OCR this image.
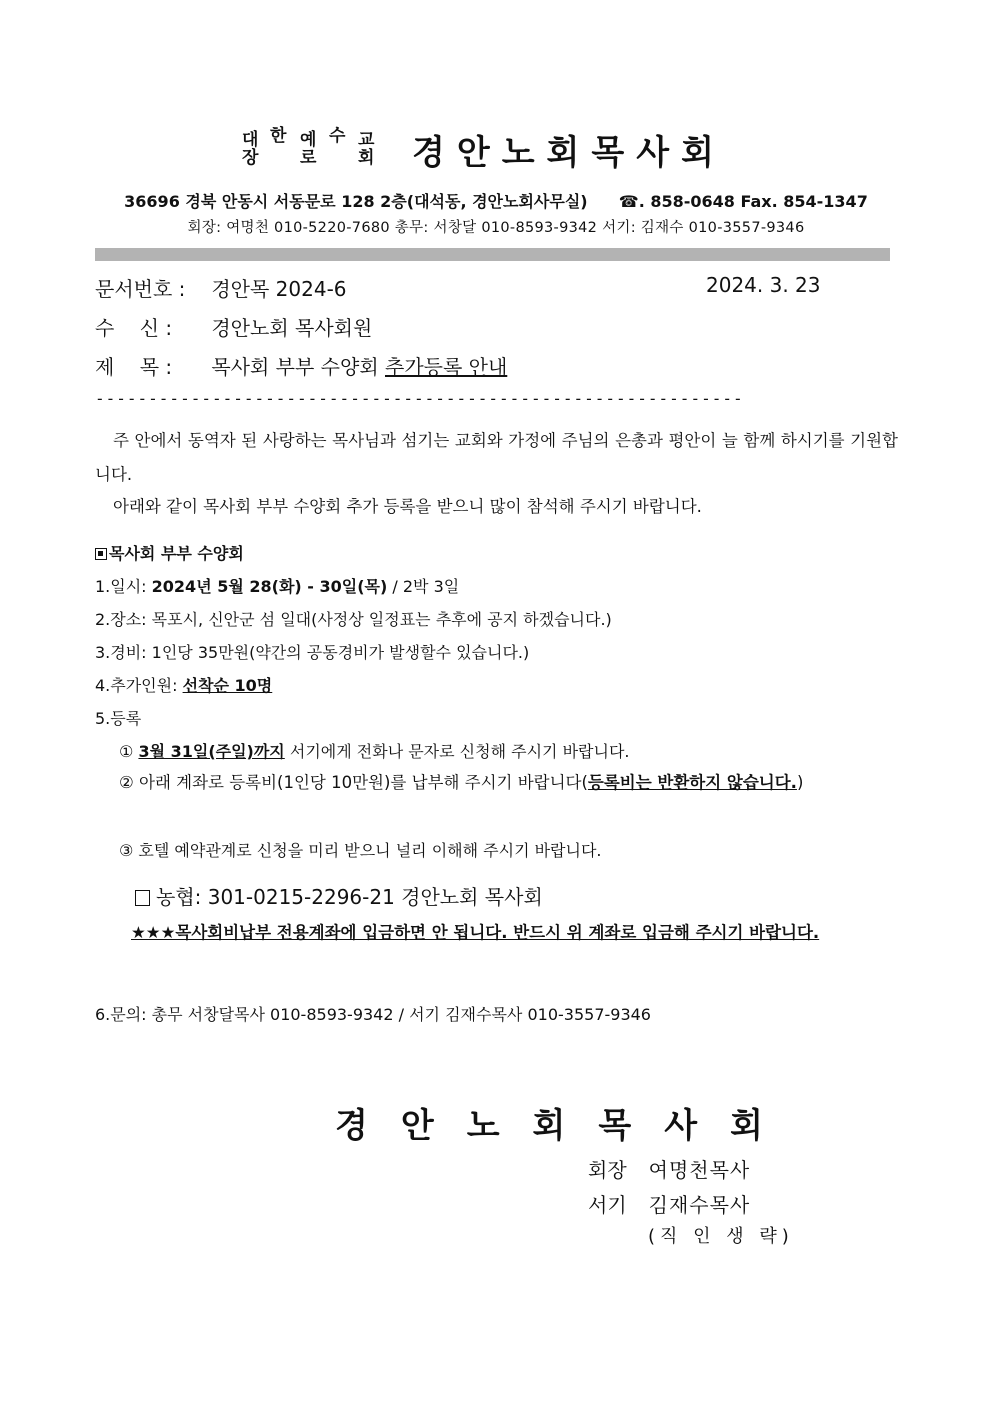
대
장
한 예
로
수 교
회 경안노회목사회
36696 경북 안동시 서동문로 128 2층(대석동, 경안노회사무실) ☎. 858-0648 Fax. 854-1347
회장: 여명천 010-5220-7680 총무: 서창달 010-8593-9342 서기: 김재수 010-3557-9346
문서번호 : 경안목 2024-6	2024. 3. 23
수    신 : 경안노회 목사회원
제    목 : 목사회 부부 수양회 추가등록 안내
-------------------------------------------------------------
주 안에서 동역자 된 사랑하는 목사님과 섬기는 교회와 가정에 주님의 은총과 평안이 늘 함께 하시기를 기원합니다.
아래와 같이 목사회 부부 수양회 추가 등록을 받으니 많이 참석해 주시기 바랍니다.
목사회 부부 수양회
1.일시: 2024년 5월 28(화) - 30일(목) / 2박 3일
2.장소: 목포시, 신안군 섬 일대(사정상 일정표는 추후에 공지 하겠습니다.)
3.경비: 1인당 35만원(약간의 공동경비가 발생할수 있습니다.)
4.추가인원: 선착순 10명
5.등록
① 3월 31일(주일)까지 서기에게 전화나 문자로 신청해 주시기 바랍니다.
② 아래 계좌로 등록비(1인당 10만원)를 납부해 주시기 바랍니다(등록비는 반환하지 않습니다.)
③ 호텔 예약관계로 신청을 미리 받으니 널리 이해해 주시기 바랍니다.
농협: 301-0215-2296-21 경안노회 목사회
★★★목사회비납부 전용계좌에 입금하면 안 됩니다. 반드시 위 계좌로 입금해 주시기 바랍니다.
6.문의: 총무 서창달목사 010-8593-9342 / 서기 김재수목사 010-3557-9346
경안노회목사회
회장 여명천목사
서기 김재수목사
(직 인 생 략)
